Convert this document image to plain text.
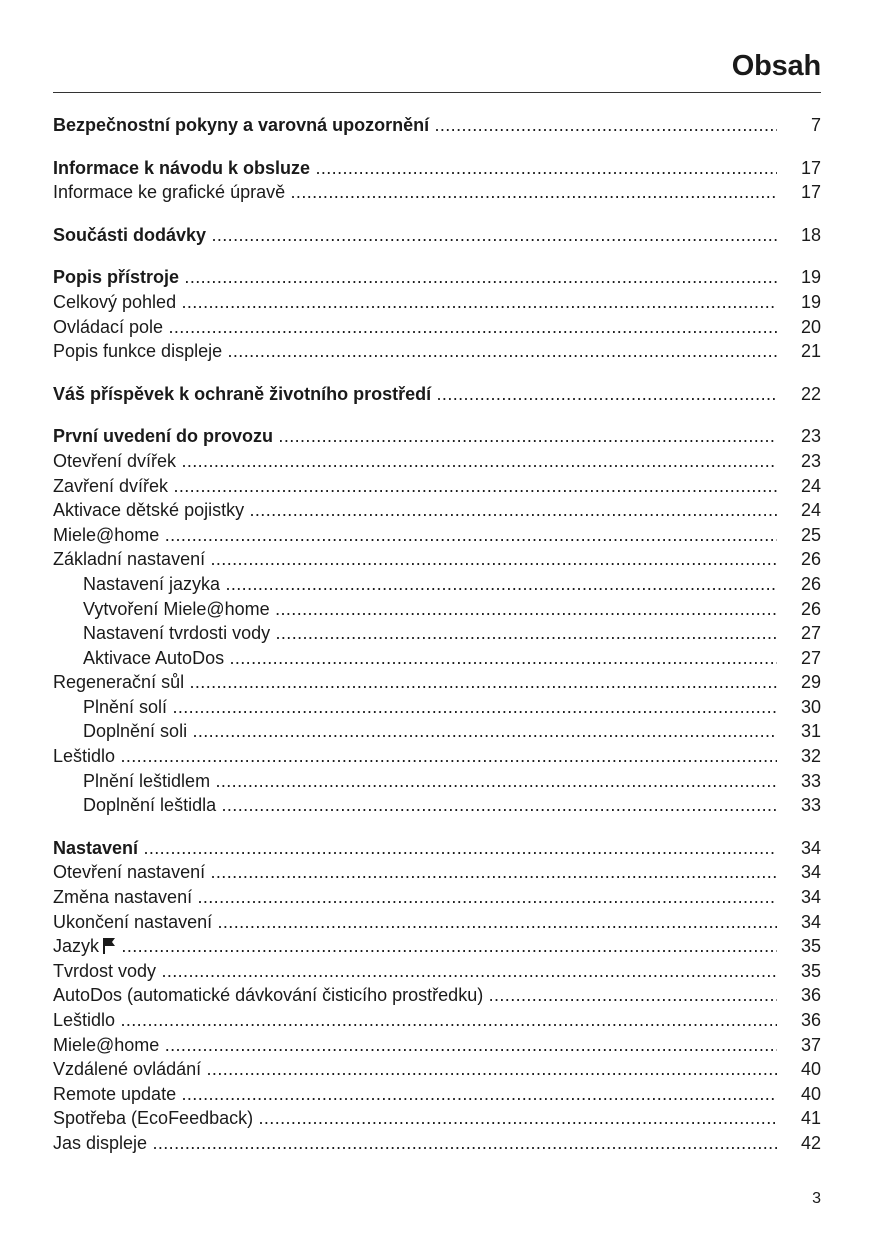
Obsah
Bezpečnostní pokyny a varovná upozornění .....	7
Informace k návodu k obsluze .....	17
Informace ke grafické úpravě .....	17
Součásti dodávky .....	18
Popis přístroje .....	19
Celkový pohled .....	19
Ovládací pole .....	20
Popis funkce displeje .....	21
Váš příspěvek k ochraně životního prostředí .....	22
První uvedení do provozu .....	23
Otevření dvířek .....	23
Zavření dvířek .....	24
Aktivace dětské pojistky .....	24
Miele@home .....	25
Základní nastavení .....	26
Nastavení jazyka .....	26
Vytvoření Miele@home .....	26
Nastavení tvrdosti vody .....	27
Aktivace AutoDos .....	27
Regenerační sůl .....	29
Plnění solí .....	30
Doplnění soli .....	31
Leštidlo .....	32
Plnění leštidlem .....	33
Doplnění leštidla .....	33
Nastavení .....	34
Otevření nastavení .....	34
Změna nastavení .....	34
Ukončení nastavení .....	34
Jazyk .....	35
Tvrdost vody .....	35
AutoDos (automatické dávkování čisticího prostředku) .....	36
Leštidlo .....	36
Miele@home .....	37
Vzdálené ovládání .....	40
Remote update .....	40
Spotřeba (EcoFeedback) .....	41
Jas displeje .....	42
3
